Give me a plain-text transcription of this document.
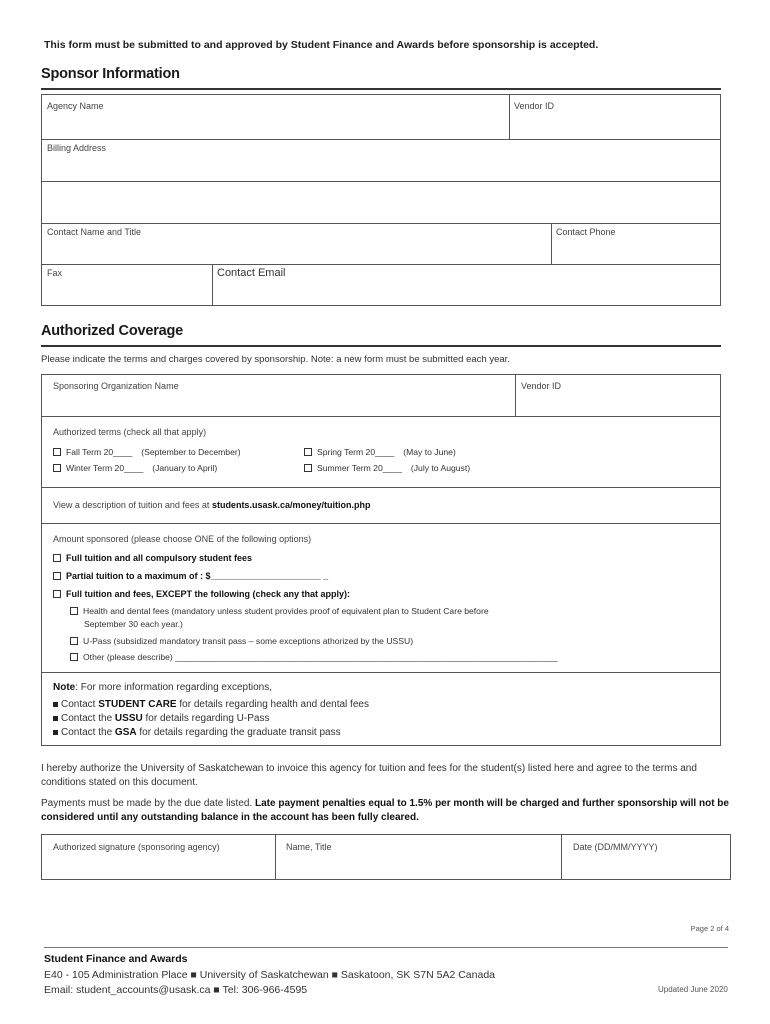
This form must be submitted to and approved by Student Finance and Awards before sponsorship is accepted.
Sponsor Information
Agency Name	Vendor ID
Billing Address
Contact Name and Title	Contact Phone
Fax	Contact Email
Authorized Coverage
Please indicate the terms and charges covered by sponsorship. Note: a new form must be submitted each year.
Sponsoring Organization Name	Vendor ID
Authorized terms (check all that apply)
Fall Term 20____ (September to December)	Spring Term 20____ (May to June)
Winter Term 20____ (January to April)	Summer Term 20____ (July to August)
View a description of tuition and fees at students.usask.ca/money/tuition.php
Amount sponsored (please choose ONE of the following options)
Full tuition and all compulsory student fees
Partial tuition to a maximum of : $______________________ _
Full tuition and fees, EXCEPT the following (check any that apply):
Health and dental fees (mandatory unless student provides proof of equivalent plan to Student Care before
September 30 each year.)
U-Pass (subsidized mandatory transit pass – some exceptions athorized by the USSU)
Other (please describe) ________________________________________________________________________________
Note: For more information regarding exceptions,
Contact STUDENT CARE for details regarding health and dental fees
Contact the USSU for details regarding U-Pass
Contact the GSA for details regarding the graduate transit pass
I hereby authorize the University of Saskatchewan to invoice this agency for tuition and fees for the student(s) listed here and agree to the terms and conditions stated on this document.
Payments must be made by the due date listed. Late payment penalties equal to 1.5% per month will be charged and further sponsorship will not be considered until any outstanding balance in the account has been fully cleared.
Authorized signature (sponsoring agency)	Name, Title	Date (DD/MM/YYYY)
Page 2 of 4
Student Finance and Awards
E40 - 105 Administration Place ■ University of Saskatchewan ■ Saskatoon, SK S7N 5A2 Canada
Email: student_accounts@usask.ca ■ Tel: 306-966-4595	Updated June 2020
